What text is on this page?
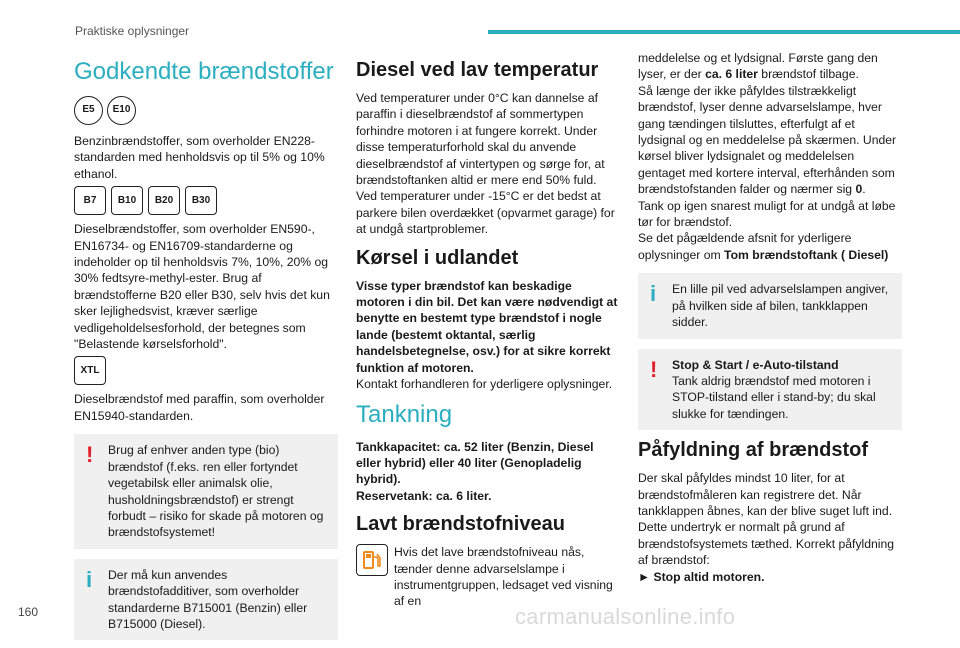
Praktiske oplysninger
Godkendte brændstoffer
E5	E10

Benzinbrændstoffer, som overholder EN228-standarden med henholdsvis op til 5% og 10% ethanol.

B7	B10	B20	B30

Dieselbrændstoffer, som overholder EN590-, EN16734- og EN16709-standarderne og indeholder op til henholdsvis 7%, 10%, 20% og 30% fedtsyre-methyl-ester. Brug af brændstofferne B20 eller B30, selv hvis det kun sker lejlighedsvist, kræver særlige vedligeholdelsesforhold, der betegnes som "Belastende kørselsforhold".

XTL

Dieselbrændstof med paraffin, som overholder EN15940-standarden.

!	Brug af enhver anden type (bio) brændstof (f.eks. ren eller fortyndet vegetabilsk eller animalsk olie, husholdningsbrændstof) er strengt forbudt – risiko for skade på motoren og brændstofsystemet!
i	Der må kun anvendes brændstofadditiver, som overholder standarderne B715001 (Benzin) eller B715000 (Diesel).
Diesel ved lav temperatur

Ved temperaturer under 0°C kan dannelse af paraffin i dieselbrændstof af sommertypen forhindre motoren i at fungere korrekt. Under disse temperaturforhold skal du anvende dieselbrændstof af vintertypen og sørge for, at brændstoftanken altid er mere end 50% fuld. Ved temperaturer under -15°C er det bedst at parkere bilen overdækket (opvarmet garage) for at undgå startproblemer.

Kørsel i udlandet

Visse typer brændstof kan beskadige motoren i din bil. Det kan være nødvendigt at benytte en bestemt type brændstof i nogle lande (bestemt oktantal, særlig handelsbetegnelse, osv.) for at sikre korrekt funktion af motoren.

Kontakt forhandleren for yderligere oplysninger.

Tankning

Tankkapacitet: ca. 52 liter (Benzin, Diesel eller hybrid) eller 40 liter (Genopladelig hybrid).

Reservetank: ca. 6 liter.

Lavt brændstofniveau

Hvis det lave brændstofniveau nås, tænder denne advarselslampe i instrumentgruppen, ledsaget ved visning af en

meddelelse og et lydsignal. Første gang den lyser, er der ca. 6 liter brændstof tilbage.

Så længe der ikke påfyldes tilstrækkeligt brændstof, lyser denne advarselslampe, hver gang tændingen tilsluttes, efterfulgt af et lydsignal og en meddelelse på skærmen. Under kørsel bliver lydsignalet og meddelelsen gentaget med kortere interval, efterhånden som brændstofstanden falder og nærmer sig 0.

Tank op igen snarest muligt for at undgå at løbe tør for brændstof.

Se det pågældende afsnit for yderligere oplysninger om Tom brændstoftank ( Diesel)

i	En lille pil ved advarselslampen angiver, på hvilken side af bilen, tankklappen sidder.
!	Stop & Start / e-Auto-tilstand
Tank aldrig brændstof med motoren i STOP-tilstand eller i stand-by; du skal slukke for tændingen.
Påfyldning af brændstof

Der skal påfyldes mindst 10 liter, for at brændstofmåleren kan registrere det. Når tankklappen åbnes, kan der blive suget luft ind. Dette undertryk er normalt på grund af brændstofsystemets tæthed. Korrekt påfyldning af brændstof:

► Stop altid motoren.

160	carmanualsonline.info
